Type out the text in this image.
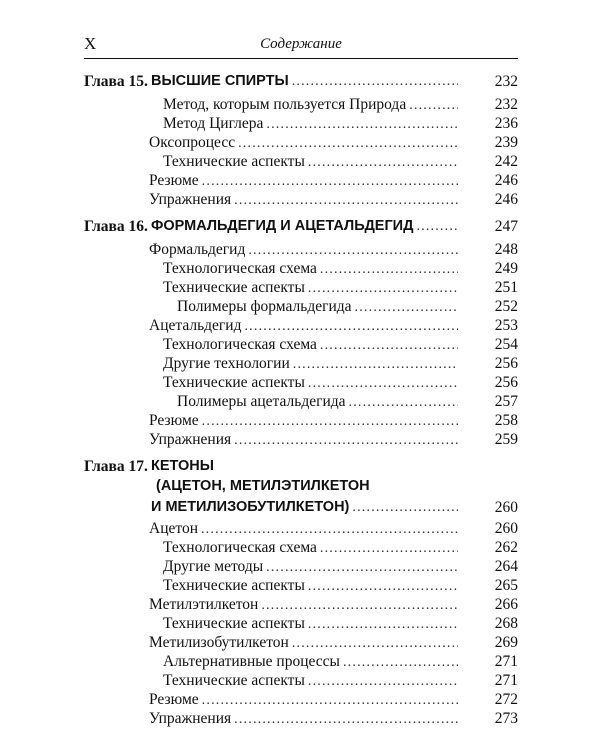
X	Содержание
Глава 15. ВЫСШИЕ СПИРТЫ .....	232
Метод, которым пользуется Природа .....	232
Метод Циглера .....	236
Оксопроцесс .....	239
Технические аспекты .....	242
Резюме .....	246
Упражнения .....	246
Глава 16. ФОРМАЛЬДЕГИД И АЦЕТАЛЬДЕГИД .....	247
Формальдегид .....	248
Технологическая схема .....	249
Технические аспекты .....	251
Полимеры формальдегида .....	252
Ацетальдегид .....	253
Технологическая схема .....	254
Другие технологии .....	256
Технические аспекты .....	256
Полимеры ацетальдегида .....	257
Резюме .....	258
Упражнения .....	259
Глава 17. КЕТОНЫ
(АЦЕТОН, МЕТИЛЭТИЛКЕТОН
И МЕТИЛИЗОБУТИЛКЕТОН) .....	260
Ацетон .....	260
Технологическая схема .....	262
Другие методы .....	264
Технические аспекты .....	265
Метилэтилкетон .....	266
Технические аспекты .....	268
Метилизобутилкетон .....	269
Альтернативные процессы .....	271
Технические аспекты .....	271
Резюме .....	272
Упражнения .....	273
